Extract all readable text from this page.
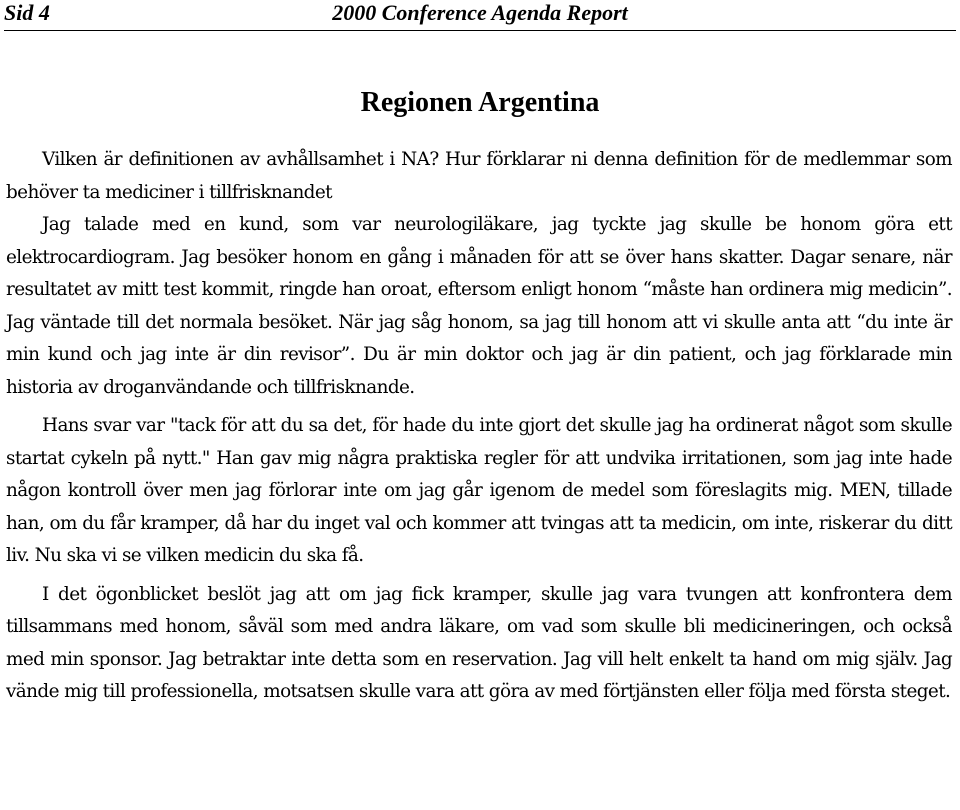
Sid 4	2000 Conference Agenda Report
Regionen Argentina

Vilken är definitionen av avhållsamhet i NA? Hur förklarar ni denna definition för de medlemmar som behöver ta mediciner i tillfrisknandet

Jag talade med en kund, som var neurologiläkare, jag tyckte jag skulle be honom göra ett elektrocardiogram. Jag besöker honom en gång i månaden för att se över hans skatter. Dagar senare, när resultatet av mitt test kommit, ringde han oroat, eftersom enligt honom “måste han ordinera mig medicin”. Jag väntade till det normala besöket. När jag såg honom, sa jag till honom att vi skulle anta att “du inte är min kund och jag inte är din revisor”. Du är min doktor och jag är din patient, och jag förklarade min historia av droganvändande och tillfrisknande.

Hans svar var "tack för att du sa det, för hade du inte gjort det skulle jag ha ordinerat något som skulle startat cykeln på nytt." Han gav mig några praktiska regler för att undvika irritationen, som jag inte hade någon kontroll över men jag förlorar inte om jag går igenom de medel som föreslagits mig. MEN, tillade han, om du får kramper, då har du inget val och kommer att tvingas att ta medicin, om inte, riskerar du ditt liv. Nu ska vi se vilken medicin du ska få.

I det ögonblicket beslöt jag att om jag fick kramper, skulle jag vara tvungen att konfrontera dem tillsammans med honom, såväl som med andra läkare, om vad som skulle bli medicineringen, och också med min sponsor. Jag betraktar inte detta som en reservation. Jag vill helt enkelt ta hand om mig själv. Jag vände mig till professionella, motsatsen skulle vara att göra av med förtjänsten eller följa med första steget.
